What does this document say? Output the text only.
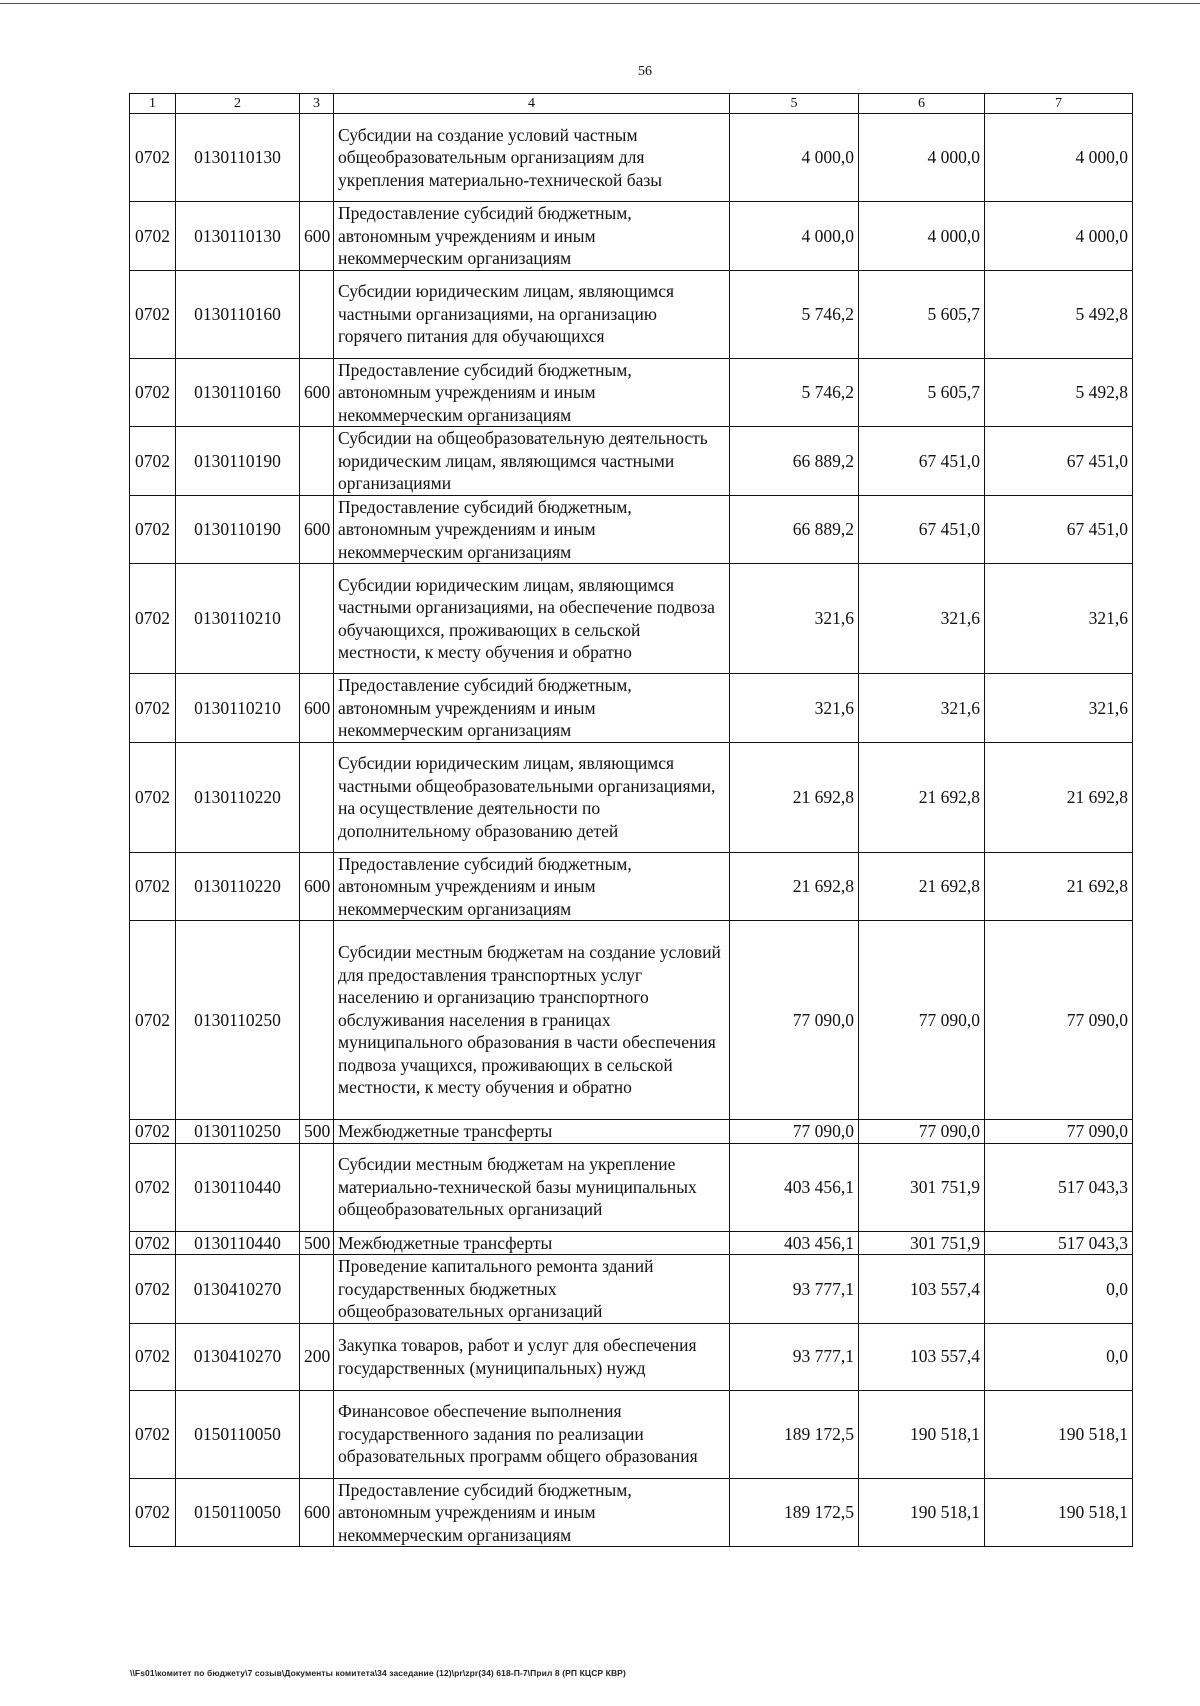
56
1	2	3	4	5	6	7
0702	0130110130		Субсидии на создание условий частным общеобразовательным организациям для укрепления материально-технической базы	4 000,0	4 000,0	4 000,0
0702	0130110130	600	Предоставление субсидий бюджетным, автономным учреждениям и иным некоммерческим организациям	4 000,0	4 000,0	4 000,0
0702	0130110160		Субсидии юридическим лицам, являющимся частными организациями, на организацию горячего питания для обучающихся	5 746,2	5 605,7	5 492,8
0702	0130110160	600	Предоставление субсидий бюджетным, автономным учреждениям и иным некоммерческим организациям	5 746,2	5 605,7	5 492,8
0702	0130110190		Субсидии на общеобразовательную деятельность юридическим лицам, являющимся частными организациями	66 889,2	67 451,0	67 451,0
0702	0130110190	600	Предоставление субсидий бюджетным, автономным учреждениям и иным некоммерческим организациям	66 889,2	67 451,0	67 451,0
0702	0130110210		Субсидии юридическим лицам, являющимся частными организациями, на обеспечение подвоза обучающихся, проживающих в сельской местности, к месту обучения и обратно	321,6	321,6	321,6
0702	0130110210	600	Предоставление субсидий бюджетным, автономным учреждениям и иным некоммерческим организациям	321,6	321,6	321,6
0702	0130110220		Субсидии юридическим лицам, являющимся частными общеобразовательными организациями, на осуществление деятельности по дополнительному образованию детей	21 692,8	21 692,8	21 692,8
0702	0130110220	600	Предоставление субсидий бюджетным, автономным учреждениям и иным некоммерческим организациям	21 692,8	21 692,8	21 692,8
0702	0130110250		Субсидии местным бюджетам на создание условий для предоставления транспортных услуг населению и организацию транспортного обслуживания населения в границах муниципального образования в части обеспечения подвоза учащихся, проживающих в сельской местности, к месту обучения и обратно	77 090,0	77 090,0	77 090,0
0702	0130110250	500	Межбюджетные трансферты	77 090,0	77 090,0	77 090,0
0702	0130110440		Субсидии местным бюджетам на укрепление материально-технической базы муниципальных общеобразовательных организаций	403 456,1	301 751,9	517 043,3
0702	0130110440	500	Межбюджетные трансферты	403 456,1	301 751,9	517 043,3
0702	0130410270		Проведение капитального ремонта зданий государственных бюджетных общеобразовательных организаций	93 777,1	103 557,4	0,0
0702	0130410270	200	Закупка товаров, работ и услуг для обеспечения государственных (муниципальных) нужд	93 777,1	103 557,4	0,0
0702	0150110050		Финансовое обеспечение выполнения государственного задания по реализации образовательных программ общего образования	189 172,5	190 518,1	190 518,1
0702	0150110050	600	Предоставление субсидий бюджетным, автономным учреждениям и иным некоммерческим организациям	189 172,5	190 518,1	190 518,1
\\Fs01\комитет по бюджету\7 созыв\Документы комитета\34 заседание (12)\pr\zpr(34) 618-П-7\Прил 8 (РП КЦСР КВР)
